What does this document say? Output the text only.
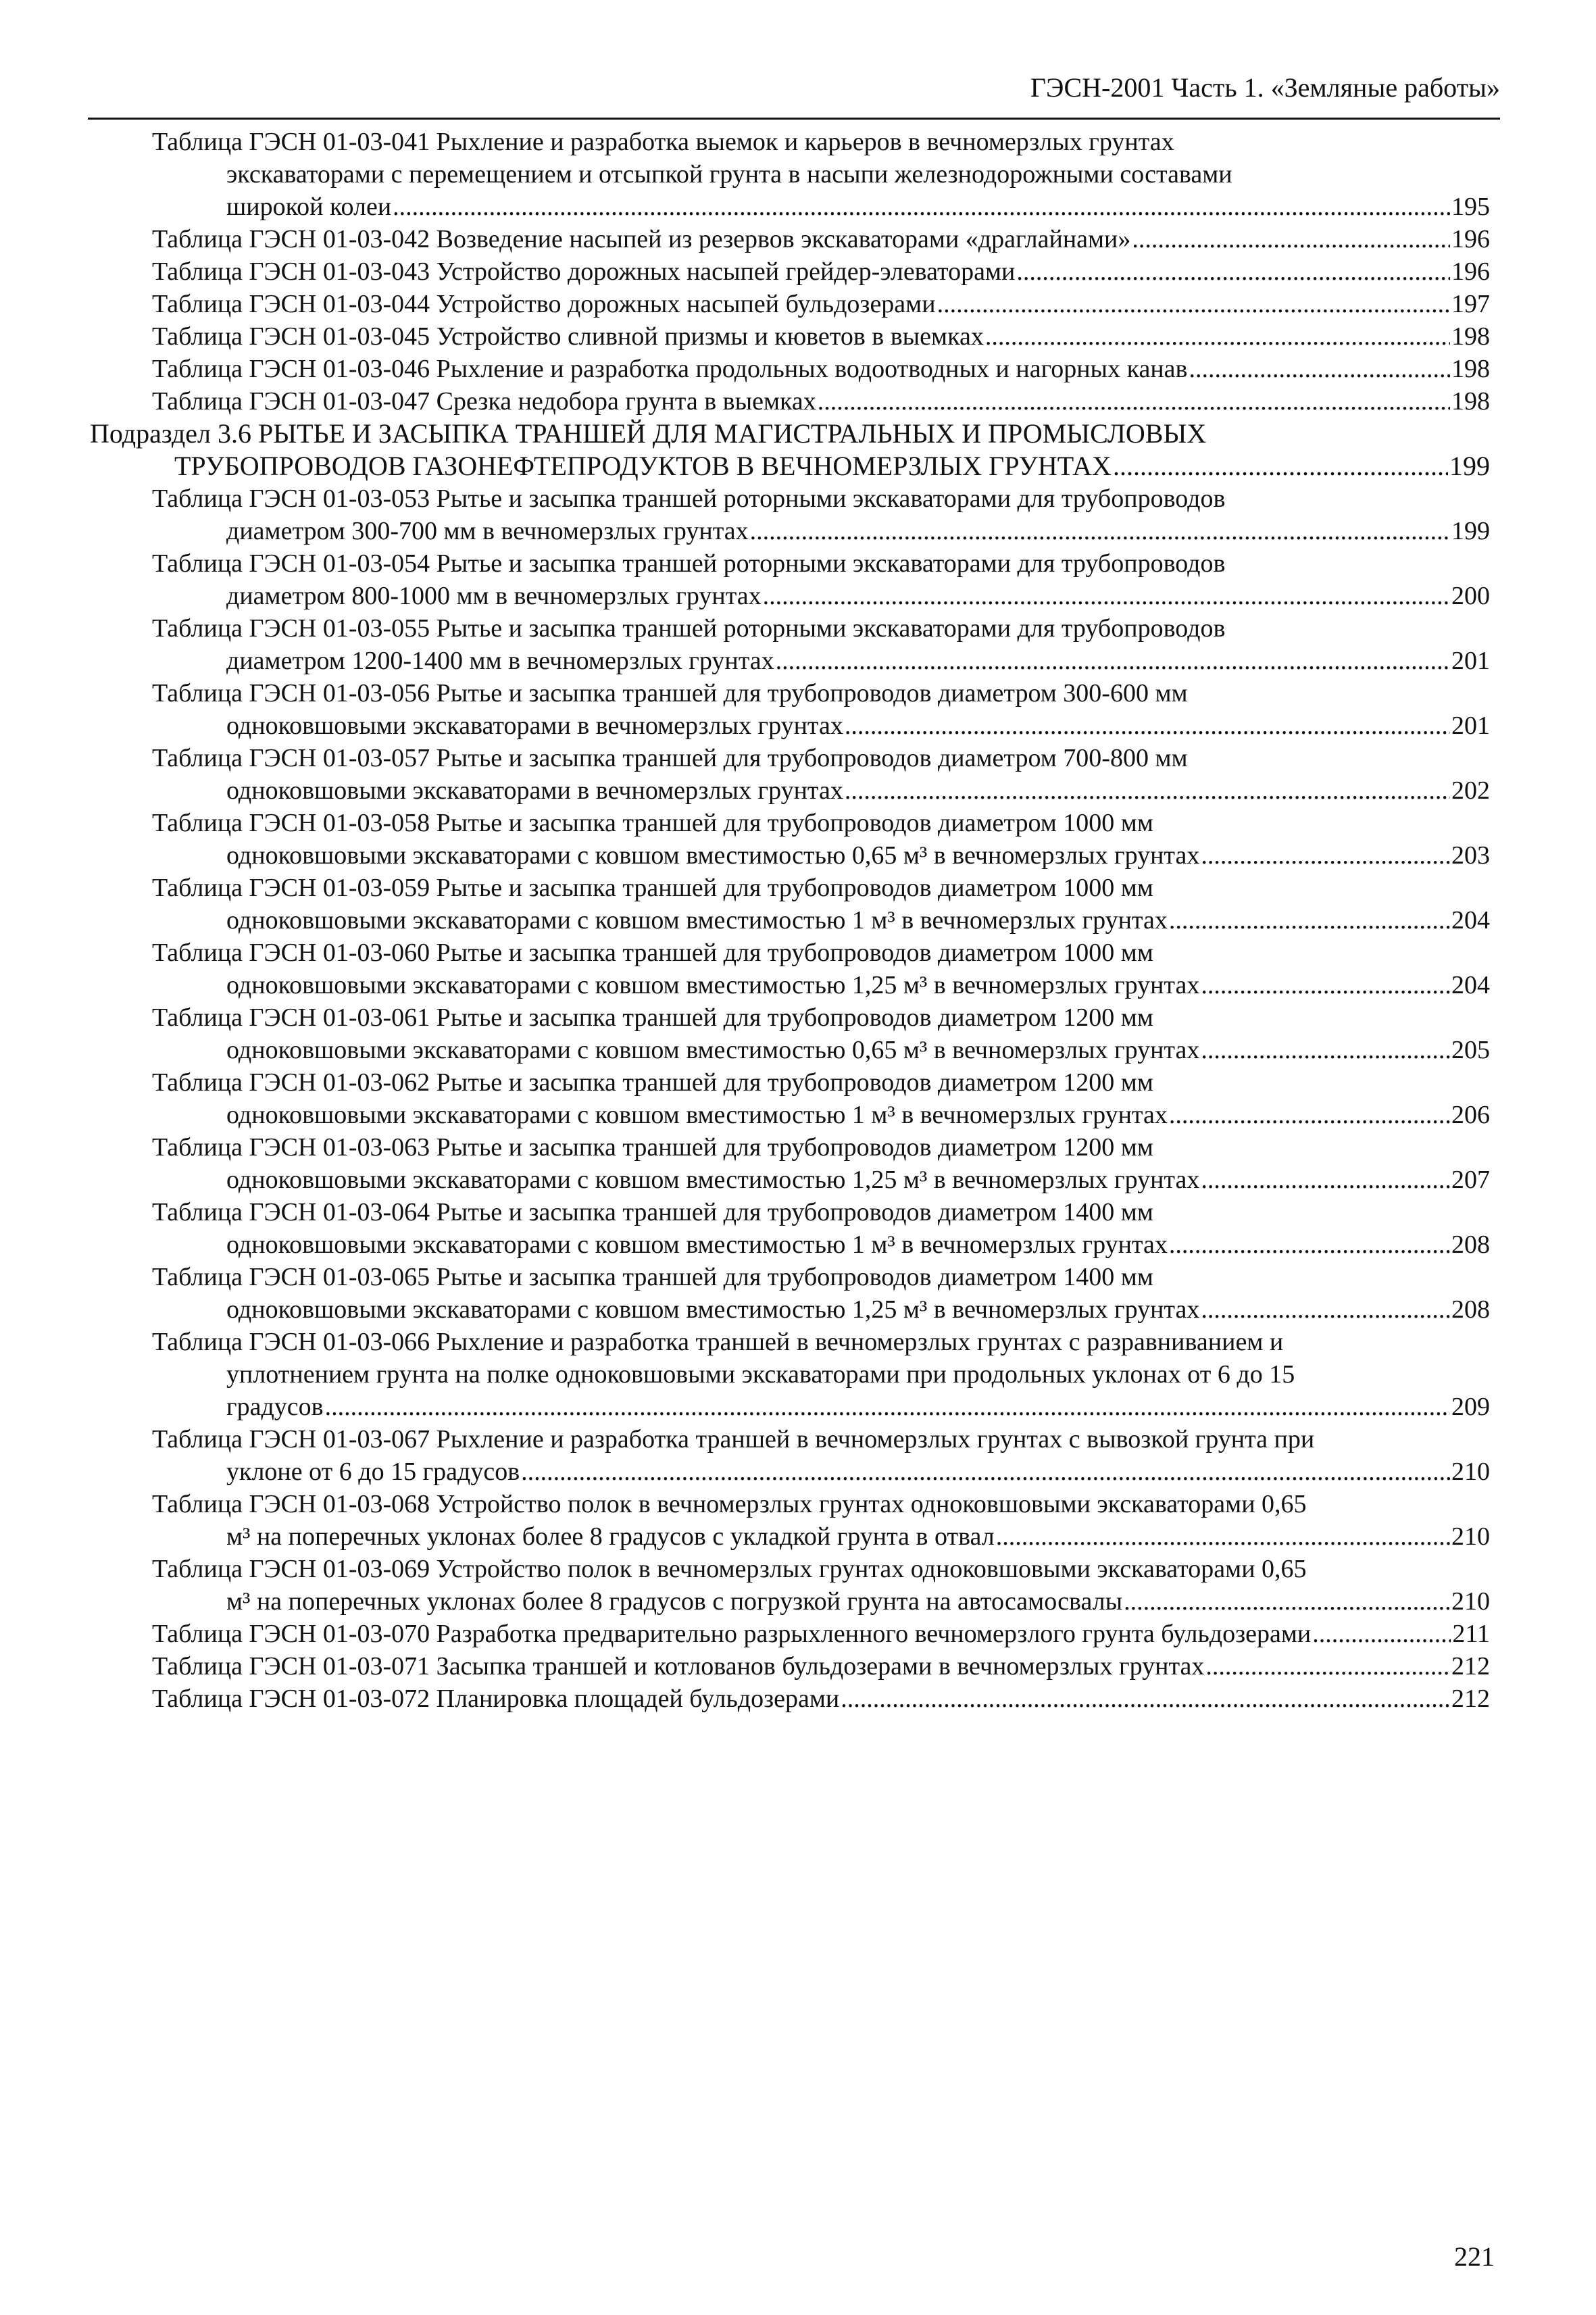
ГЭСН-2001 Часть 1. «Земляные работы»
Таблица ГЭСН 01-03-041 Рыхление и разработка выемок и карьеров в вечномерзлых грунтах
экскаваторами с перемещением и отсыпкой грунта в насыпи железнодорожными составами
широкой колеи .....	195
Таблица ГЭСН 01-03-042 Возведение насыпей из резервов экскаваторами «драглайнами» .....	196
Таблица ГЭСН 01-03-043 Устройство дорожных насыпей грейдер-элеваторами .....	196
Таблица ГЭСН 01-03-044 Устройство дорожных насыпей бульдозерами .....	197
Таблица ГЭСН 01-03-045 Устройство сливной призмы и кюветов в выемках .....	198
Таблица ГЭСН 01-03-046 Рыхление и разработка продольных водоотводных и нагорных канав .....	198
Таблица ГЭСН 01-03-047 Срезка недобора грунта в выемках .....	198
Подраздел 3.6 РЫТЬЕ И ЗАСЫПКА ТРАНШЕЙ ДЛЯ МАГИСТРАЛЬНЫХ И ПРОМЫСЛОВЫХ
ТРУБОПРОВОДОВ ГАЗОНЕФТЕПРОДУКТОВ В ВЕЧНОМЕРЗЛЫХ ГРУНТАХ .....	199
Таблица ГЭСН 01-03-053 Рытье и засыпка траншей роторными экскаваторами для трубопроводов
диаметром 300-700 мм в вечномерзлых грунтах .....	199
Таблица ГЭСН 01-03-054 Рытье и засыпка траншей роторными экскаваторами для трубопроводов
диаметром 800-1000 мм в вечномерзлых грунтах .....	200
Таблица ГЭСН 01-03-055 Рытье и засыпка траншей роторными экскаваторами для трубопроводов
диаметром 1200-1400 мм в вечномерзлых грунтах .....	201
Таблица ГЭСН 01-03-056 Рытье и засыпка траншей для трубопроводов диаметром 300-600 мм
одноковшовыми экскаваторами в вечномерзлых грунтах .....	201
Таблица ГЭСН 01-03-057 Рытье и засыпка траншей для трубопроводов диаметром 700-800 мм
одноковшовыми экскаваторами в вечномерзлых грунтах .....	202
Таблица ГЭСН 01-03-058 Рытье и засыпка траншей для трубопроводов диаметром 1000 мм
одноковшовыми экскаваторами с ковшом вместимостью 0,65 м³ в вечномерзлых грунтах .....	203
Таблица ГЭСН 01-03-059 Рытье и засыпка траншей для трубопроводов диаметром 1000 мм
одноковшовыми экскаваторами с ковшом вместимостью 1 м³ в вечномерзлых грунтах .....	204
Таблица ГЭСН 01-03-060 Рытье и засыпка траншей для трубопроводов диаметром 1000 мм
одноковшовыми экскаваторами с ковшом вместимостью 1,25 м³ в вечномерзлых грунтах .....	204
Таблица ГЭСН 01-03-061 Рытье и засыпка траншей для трубопроводов диаметром 1200 мм
одноковшовыми экскаваторами с ковшом вместимостью 0,65 м³ в вечномерзлых грунтах .....	205
Таблица ГЭСН 01-03-062 Рытье и засыпка траншей для трубопроводов диаметром 1200 мм
одноковшовыми экскаваторами с ковшом вместимостью 1 м³ в вечномерзлых грунтах .....	206
Таблица ГЭСН 01-03-063 Рытье и засыпка траншей для трубопроводов диаметром 1200 мм
одноковшовыми экскаваторами с ковшом вместимостью 1,25 м³ в вечномерзлых грунтах .....	207
Таблица ГЭСН 01-03-064 Рытье и засыпка траншей для трубопроводов диаметром 1400 мм
одноковшовыми экскаваторами с ковшом вместимостью 1 м³ в вечномерзлых грунтах .....	208
Таблица ГЭСН 01-03-065 Рытье и засыпка траншей для трубопроводов диаметром 1400 мм
одноковшовыми экскаваторами с ковшом вместимостью 1,25 м³ в вечномерзлых грунтах .....	208
Таблица ГЭСН 01-03-066 Рыхление и разработка траншей в вечномерзлых грунтах с разравниванием и
уплотнением грунта на полке одноковшовыми экскаваторами при продольных уклонах от 6 до 15
градусов .....	209
Таблица ГЭСН 01-03-067 Рыхление и разработка траншей в вечномерзлых грунтах с вывозкой грунта при
уклоне от 6 до 15 градусов .....	210
Таблица ГЭСН 01-03-068 Устройство полок в вечномерзлых грунтах одноковшовыми экскаваторами 0,65
м³ на поперечных уклонах более 8 градусов с укладкой грунта в отвал .....	210
Таблица ГЭСН 01-03-069 Устройство полок в вечномерзлых грунтах одноковшовыми экскаваторами 0,65
м³ на поперечных уклонах более 8 градусов с погрузкой грунта на автосамосвалы .....	210
Таблица ГЭСН 01-03-070 Разработка предварительно разрыхленного вечномерзлого грунта бульдозерами .....	211
Таблица ГЭСН 01-03-071 Засыпка траншей и котлованов бульдозерами в вечномерзлых грунтах .....	212
Таблица ГЭСН 01-03-072 Планировка площадей бульдозерами .....	212
221
